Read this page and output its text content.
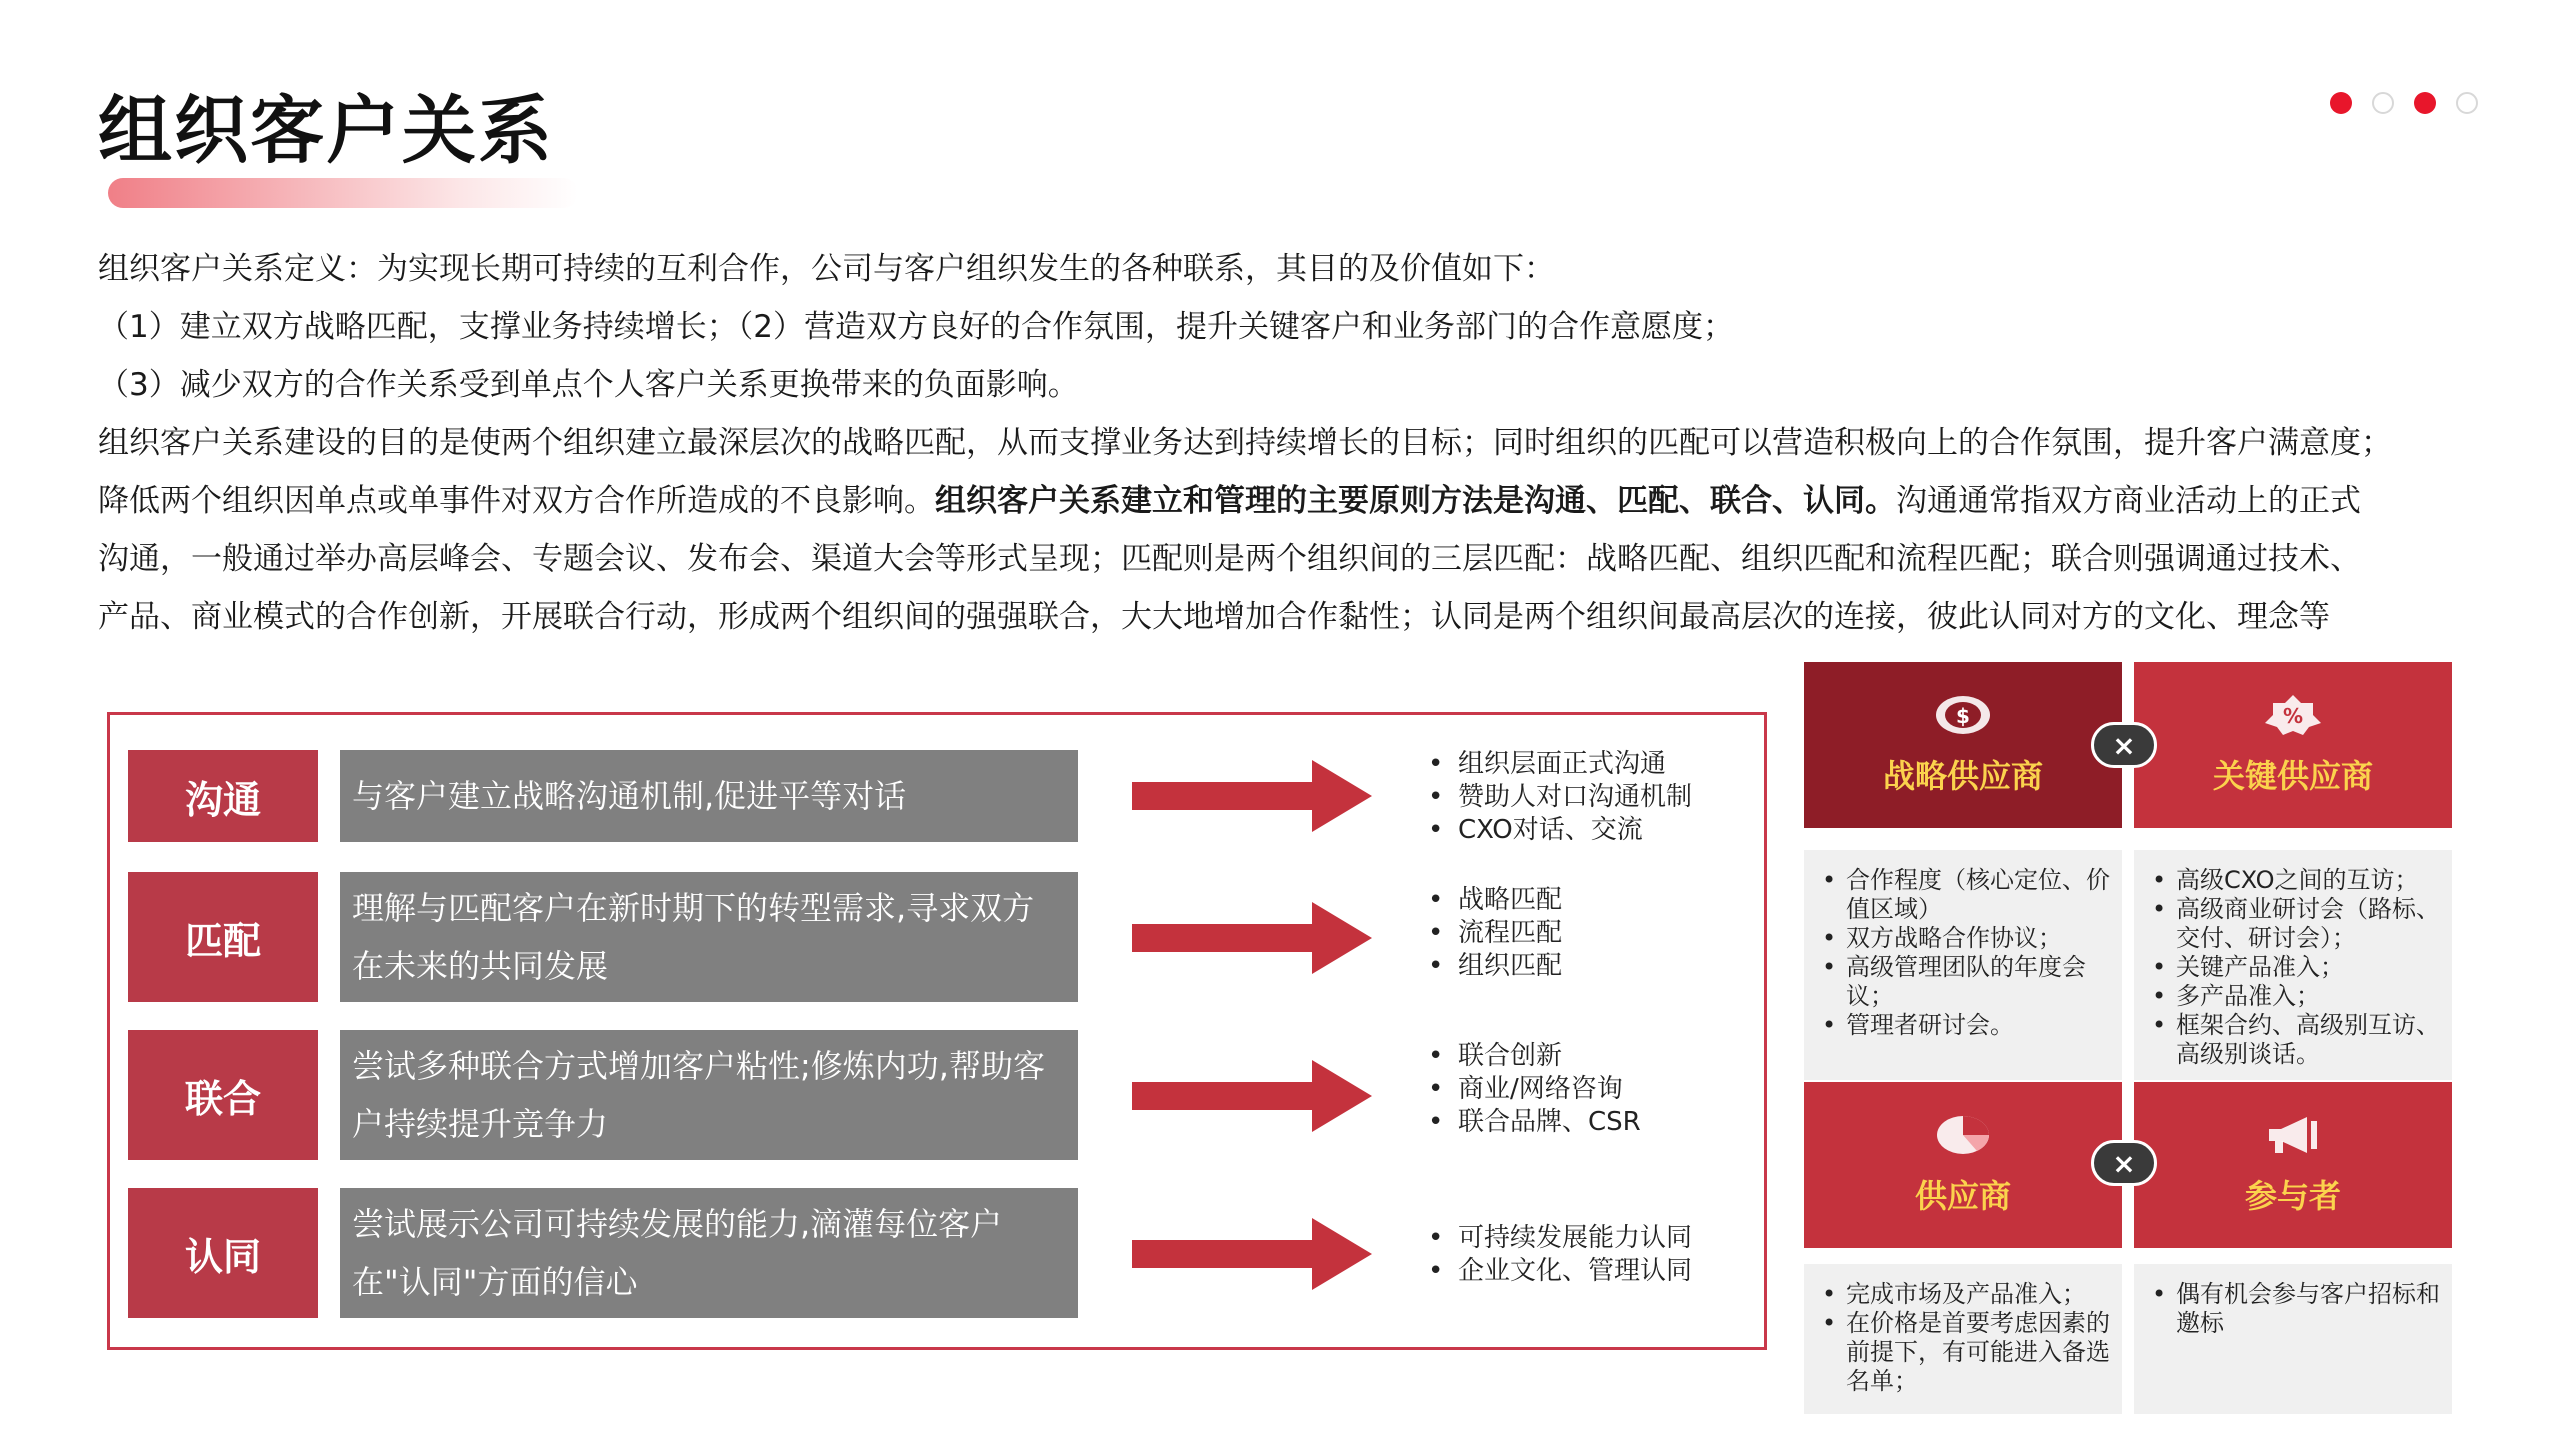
组织客户关系

组织客户关系定义：为实现长期可持续的互利合作，公司与客户组织发生的各种联系，其目的及价值如下：

（1）建立双方战略匹配，支撑业务持续增长；（2）营造双方良好的合作氛围，提升关键客户和业务部门的合作意愿度；

（3）减少双方的合作关系受到单点个人客户关系更换带来的负面影响。

组织客户关系建设的目的是使两个组织建立最深层次的战略匹配，从而支撑业务达到持续增长的目标；同时组织的匹配可以营造积极向上的合作氛围，提升客户满意度；

降低两个组织因单点或单事件对双方合作所造成的不良影响。组织客户关系建立和管理的主要原则方法是沟通、匹配、联合、认同。沟通通常指双方商业活动上的正式

沟通，一般通过举办高层峰会、专题会议、发布会、渠道大会等形式呈现；匹配则是两个组织间的三层匹配：战略匹配、组织匹配和流程匹配；联合则强调通过技术、

产品、商业模式的合作创新，开展联合行动，形成两个组织间的强强联合，大大地增加合作黏性；认同是两个组织间最高层次的连接，彼此认同对方的文化、理念等

沟通	与客户建立战略沟通机制,促进平等对话
• 组织层面正式沟通
• 赞助人对口沟通机制
• CXO对话、交流
匹配
理解与匹配客户在新时期下的转型需求,寻求双方在未来的共同发展
• 战略匹配
• 流程匹配
• 组织匹配
联合
尝试多种联合方式增加客户粘性;修炼内功,帮助客户持续提升竞争力
• 联合创新
• 商业/网络咨询
• 联合品牌、CSR
认同
尝试展示公司可持续发展的能力,滴灌每位客户在"认同"方面的信心
• 可持续发展能力认同
• 企业文化、管理认同
$
战略供应商
%
关键供应商
×
• 合作程度（核心定位、价值区域）
• 双方战略合作协议；
• 高级管理团队的年度会议；
• 管理者研讨会。
• 高级CXO之间的互访；
• 高级商业研讨会（路标、交付、研讨会）；
• 关键产品准入；
• 多产品准入；
• 框架合约、高级别互访、高级别谈话。
供应商	参与者
×
• 完成市场及产品准入；
• 在价格是首要考虑因素的前提下，有可能进入备选名单；
• 偶有机会参与客户招标和邀标
